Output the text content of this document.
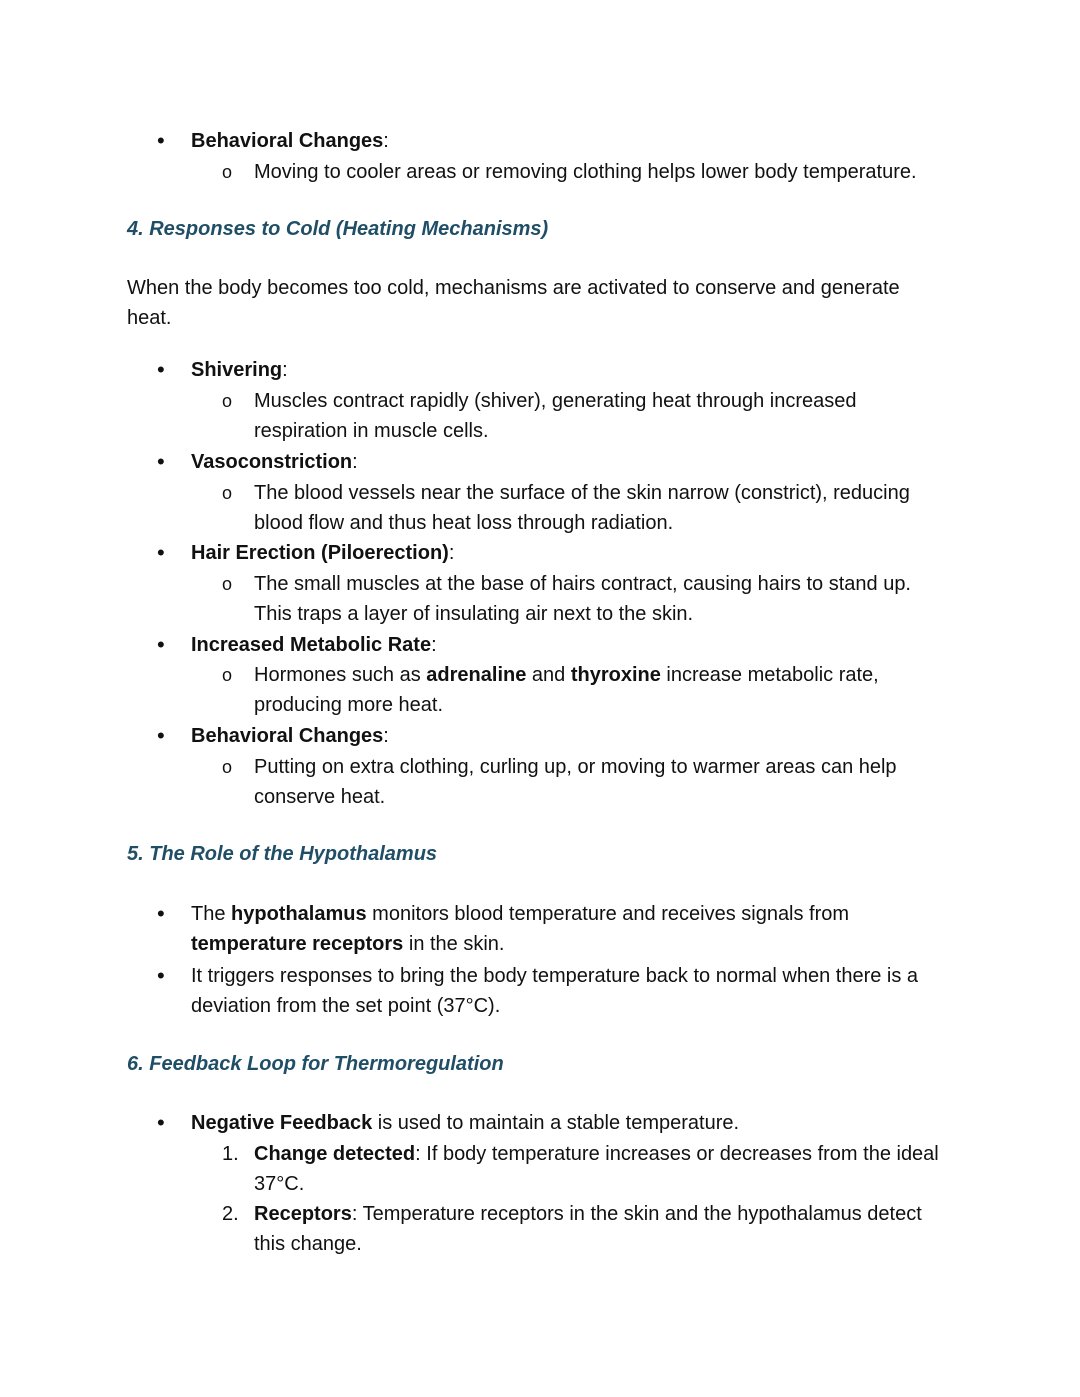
•	Behavioral Changes:
o	Moving to cooler areas or removing clothing helps lower body temperature.
4. Responses to Cold (Heating Mechanisms)

When the body becomes too cold, mechanisms are activated to conserve and generate heat.

•	Shivering:
o	Muscles contract rapidly (shiver), generating heat through increased respiration in muscle cells.
•	Vasoconstriction:
o	The blood vessels near the surface of the skin narrow (constrict), reducing blood flow and thus heat loss through radiation.
•	Hair Erection (Piloerection):
o	The small muscles at the base of hairs contract, causing hairs to stand up. This traps a layer of insulating air next to the skin.
•	Increased Metabolic Rate:
o	Hormones such as adrenaline and thyroxine increase metabolic rate, producing more heat.
•	Behavioral Changes:
o	Putting on extra clothing, curling up, or moving to warmer areas can help conserve heat.
5. The Role of the Hypothalamus
•	The hypothalamus monitors blood temperature and receives signals from temperature receptors in the skin.
•	It triggers responses to bring the body temperature back to normal when there is a deviation from the set point (37°C).
6. Feedback Loop for Thermoregulation
•	Negative Feedback is used to maintain a stable temperature.
1. Change detected: If body temperature increases or decreases from the ideal 37°C.
2. Receptors: Temperature receptors in the skin and the hypothalamus detect this change.
